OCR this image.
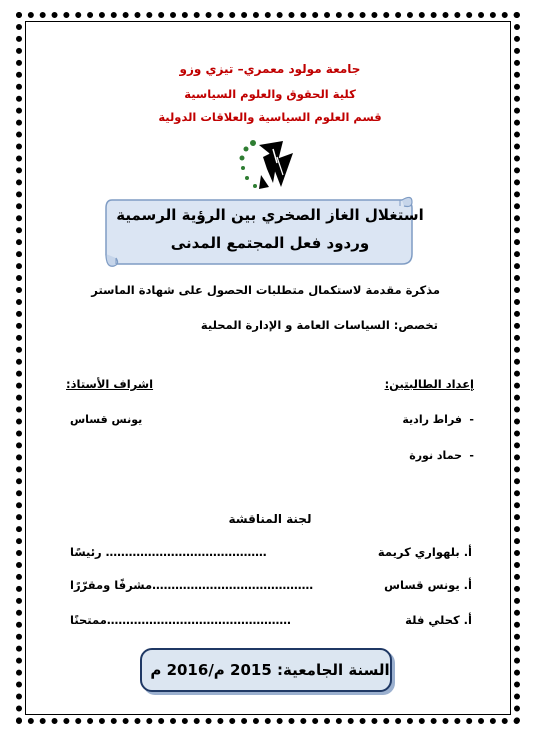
جامعة مولود معمري– تيزي وزو
كلية الحقوق والعلوم السياسية
قسم العلوم السياسية والعلاقات الدولية
استغلال الغاز الصخري بين الرؤية الرسمية
وردود فعل المجتمع المدنى
مذكرة مقدمة لاستكمال متطلبات الحصول على شهادة الماستر
تخصص: السياسات العامة و الإدارة المحلية
إعداد الطالبتين:
اشراف الأستاذ:
-
فراط رادية
-
حماد نورة
يونس قساس
لجنة المناقشة
أ. بلهواري كريمة
…………………………………… رئيسًا
أ. يونس قساس
……………………………………مشرفًا ومقرّرًا
أ. كحلي فلة
…………………………………………ممتحنًا
السنة الجامعية: 2015 م/2016 م
